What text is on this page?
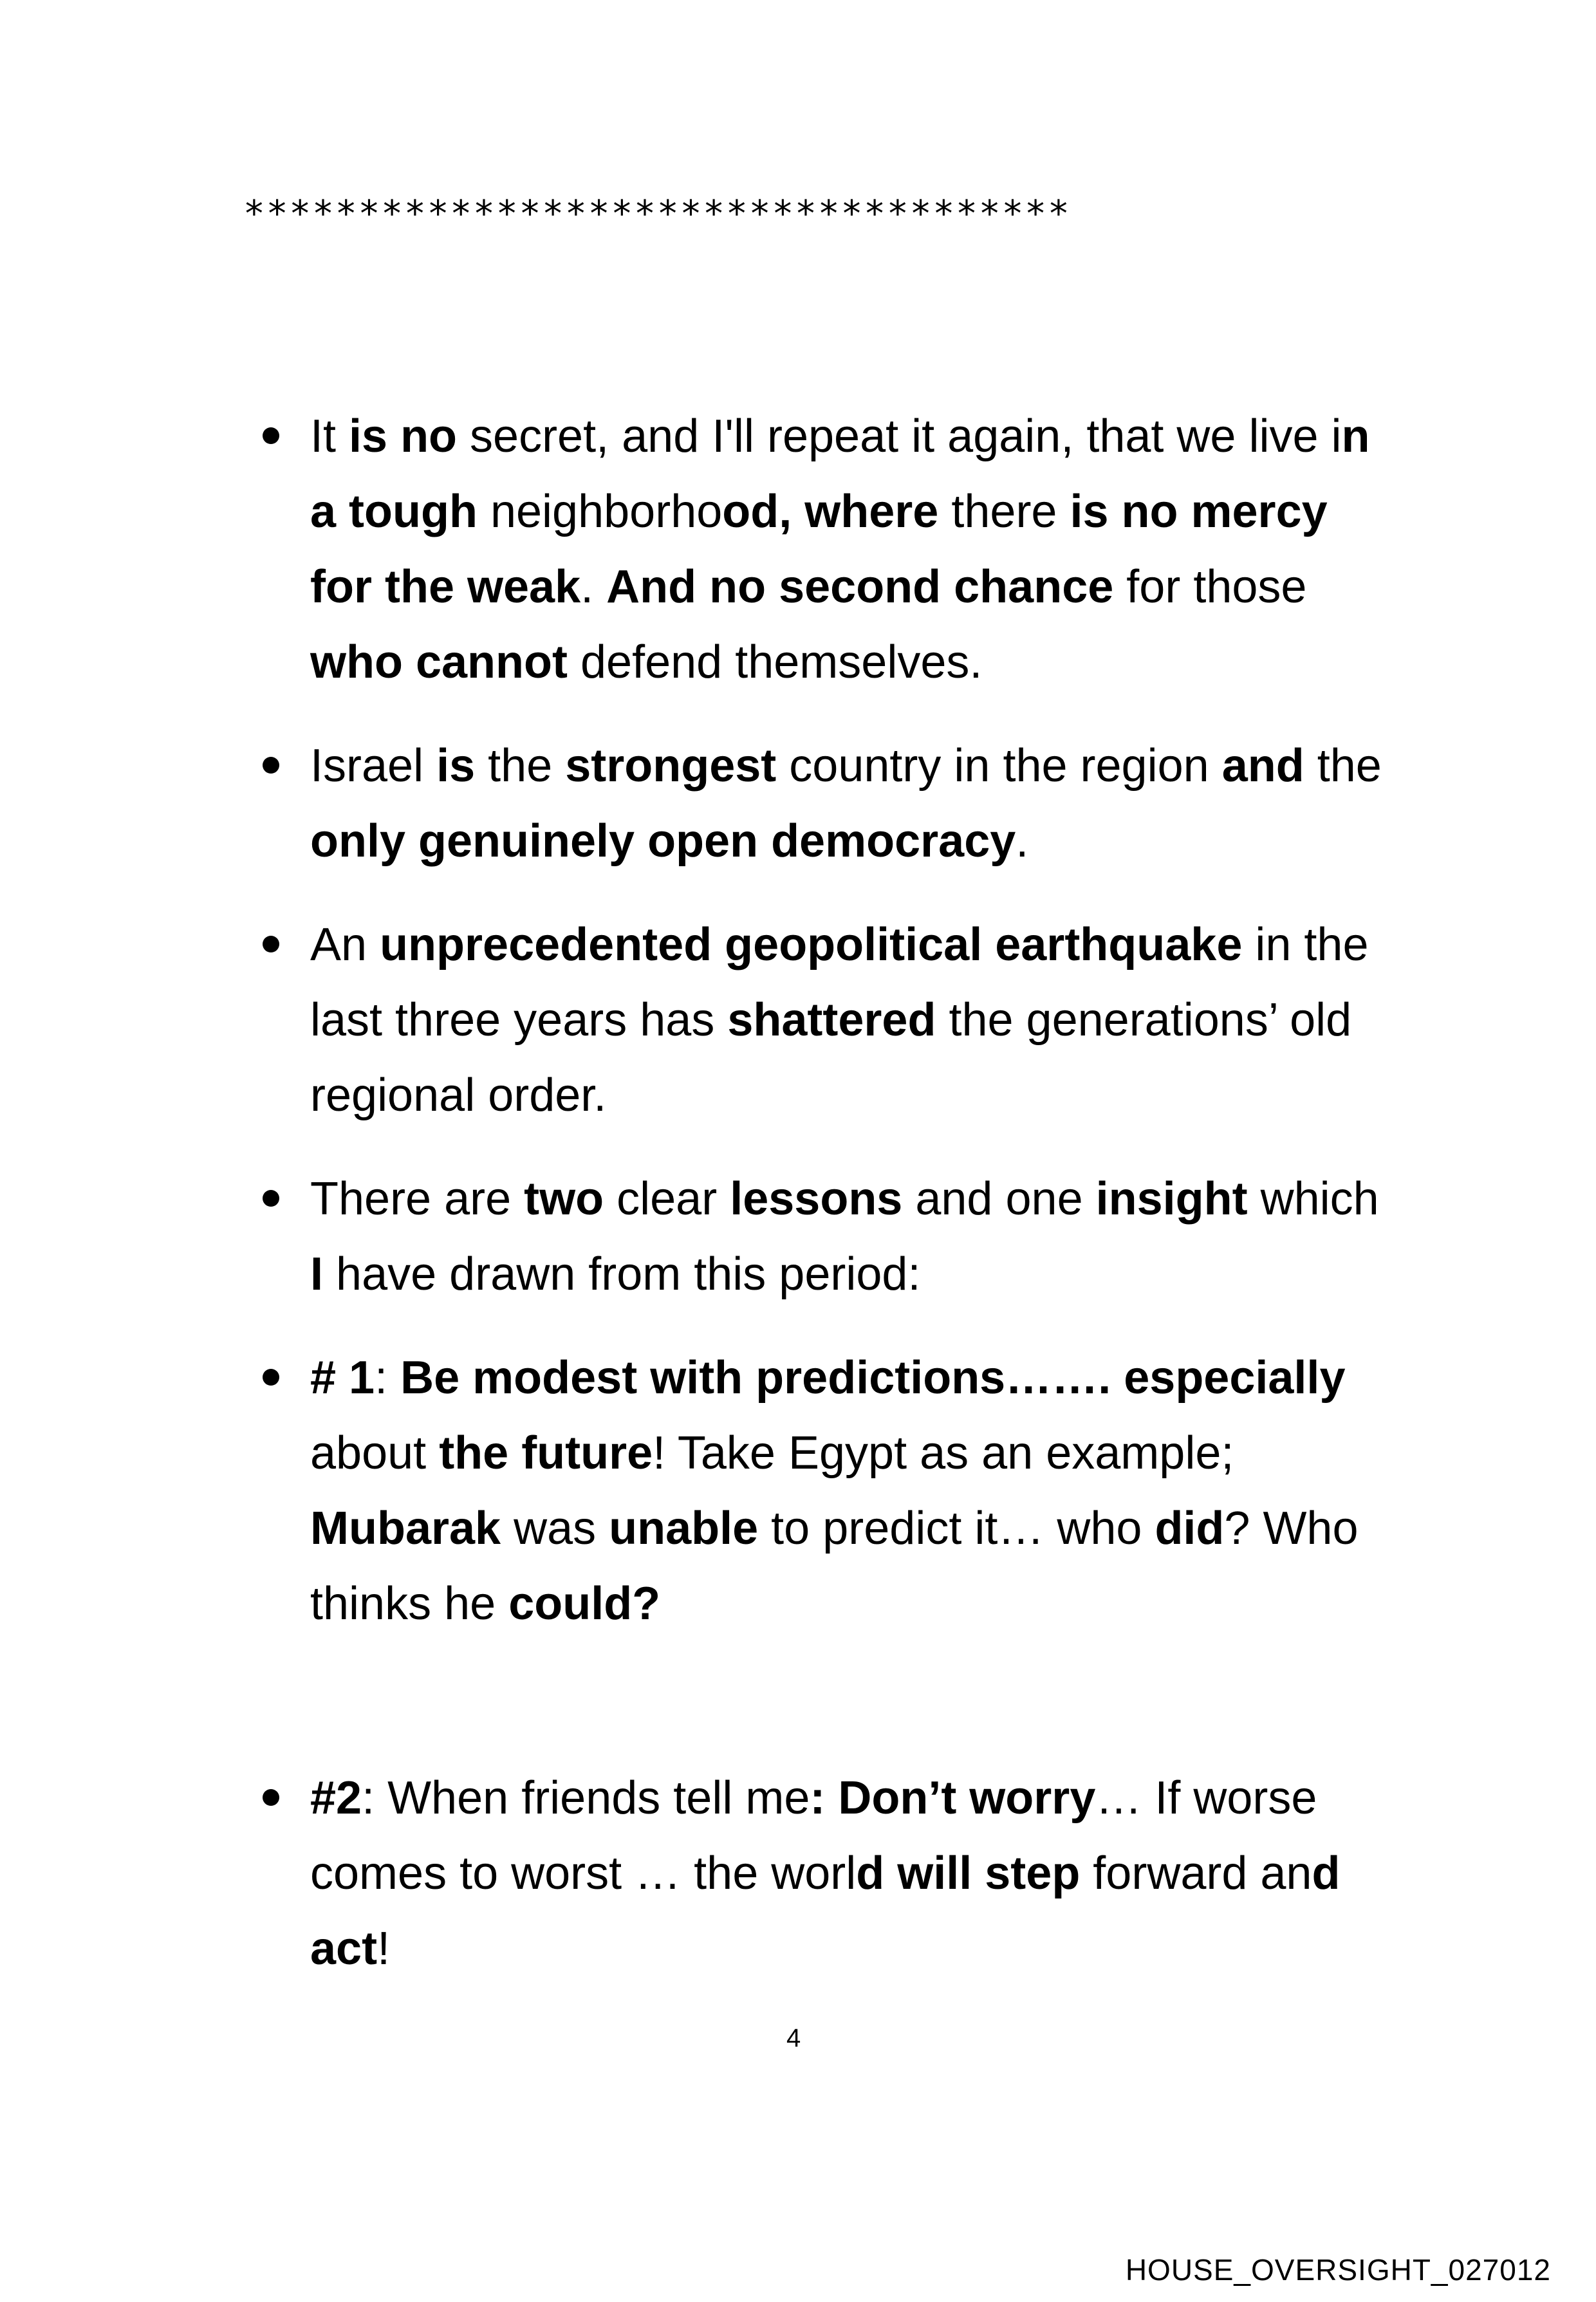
************************************
It is no secret, and I'll repeat it again, that we live in a tough neighborhood, where there is no mercy for the weak. And no second chance for those who cannot defend themselves.
Israel is the strongest country in the region and the only genuinely open democracy.
An unprecedented geopolitical earthquake in the last three years has shattered the generations’ old regional order.
There are two clear lessons and one insight which I have drawn from this period:
# 1: Be modest with predictions……. especially about the future! Take Egypt as an example; Mubarak was unable to predict it… who did? Who thinks he could?
#2: When friends tell me: Don’t worry… If worse comes to worst … the world will step forward and act!
4
HOUSE_OVERSIGHT_027012
